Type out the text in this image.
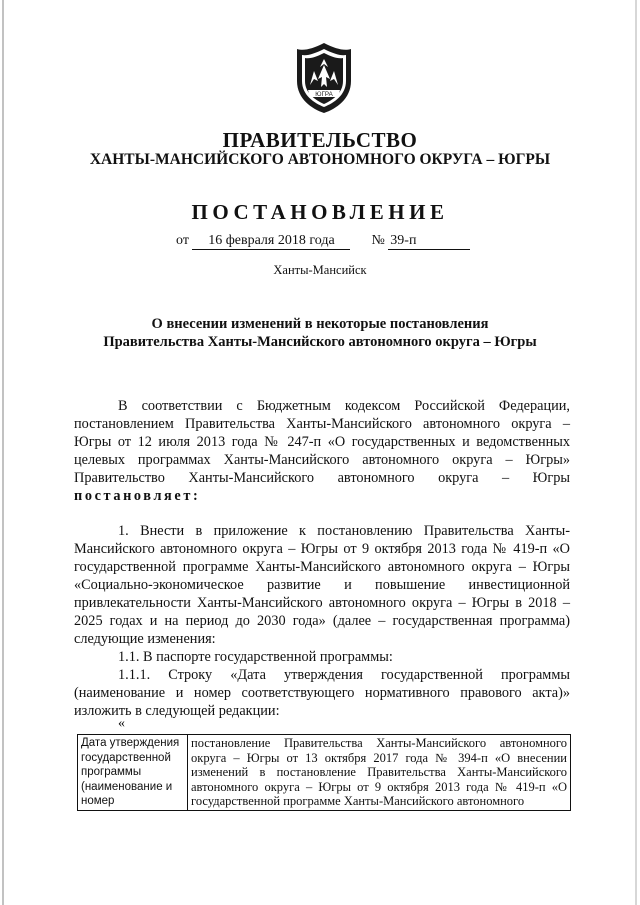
ЮГРА
ПРАВИТЕЛЬСТВО
ХАНТЫ-МАНСИЙСКОГО АВТОНОМНОГО ОКРУГА – ЮГРЫ
ПОСТАНОВЛЕНИЕ
от 16 февраля 2018 года	№ 39-п
Ханты-Мансийск
О внесении изменений в некоторые постановления
Правительства Ханты-Мансийского автономного округа – Югры
В соответствии с Бюджетным кодексом Российской Федерации, постановлением Правительства Ханты-Мансийского автономного округа – Югры от 12 июля 2013 года № 247-п «О государственных и ведомственных целевых программах Ханты-Мансийского автономного округа – Югры» Правительство Ханты-Мансийского автономного округа – Югры постановляет:
1. Внести в приложение к постановлению Правительства Ханты-Мансийского автономного округа – Югры от 9 октября 2013 года № 419-п «О государственной программе Ханты-Мансийского автономного округа – Югры «Социально-экономическое развитие и повышение инвестиционной привлекательности Ханты-Мансийского автономного округа – Югры в 2018 – 2025 годах и на период до 2030 года» (далее – государственная программа) следующие изменения:
1.1. В паспорте государственной программы:
1.1.1. Строку «Дата утверждения государственной программы (наименование и номер соответствующего нормативного правового акта)» изложить в следующей редакции:
«
Дата утверждения государственной программы (наименование и номер	постановление Правительства Ханты-Мансийского автономного округа – Югры от 13 октября 2017 года № 394-п «О внесении изменений в постановление Правительства Ханты-Мансийского автономного округа – Югры от 9 октября 2013 года № 419-п «О государственной программе Ханты-Мансийского автономного
